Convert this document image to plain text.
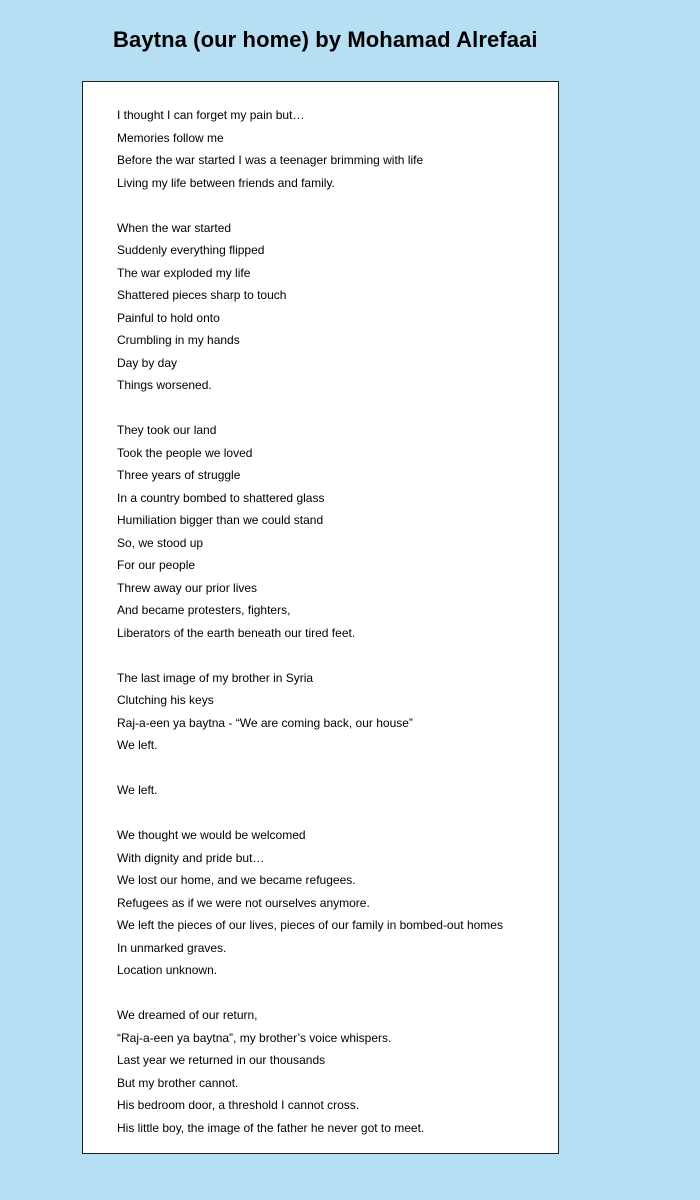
Baytna (our home) by Mohamad Alrefaai
I thought I can forget my pain but…
Memories follow me
Before the war started I was a teenager brimming with life
Living my life between friends and family.
When the war started
Suddenly everything flipped
The war exploded my life
Shattered pieces sharp to touch
Painful to hold onto
Crumbling in my hands
Day by day
Things worsened.
They took our land
Took the people we loved
Three years of struggle
In a country bombed to shattered glass
Humiliation bigger than we could stand
So, we stood up
For our people
Threw away our prior lives
And became protesters, fighters,
Liberators of the earth beneath our tired feet.
The last image of my brother in Syria
Clutching his keys
Raj-a-een ya baytna - “We are coming back, our house”
We left.
We left.
We thought we would be welcomed
With dignity and pride but…
We lost our home, and we became refugees.
Refugees as if we were not ourselves anymore.
We left the pieces of our lives, pieces of our family in bombed-out homes
In unmarked graves.
Location unknown.
We dreamed of our return,
“Raj-a-een ya baytna”, my brother’s voice whispers.
Last year we returned in our thousands
But my brother cannot.
His bedroom door, a threshold I cannot cross.
His little boy, the image of the father he never got to meet.
